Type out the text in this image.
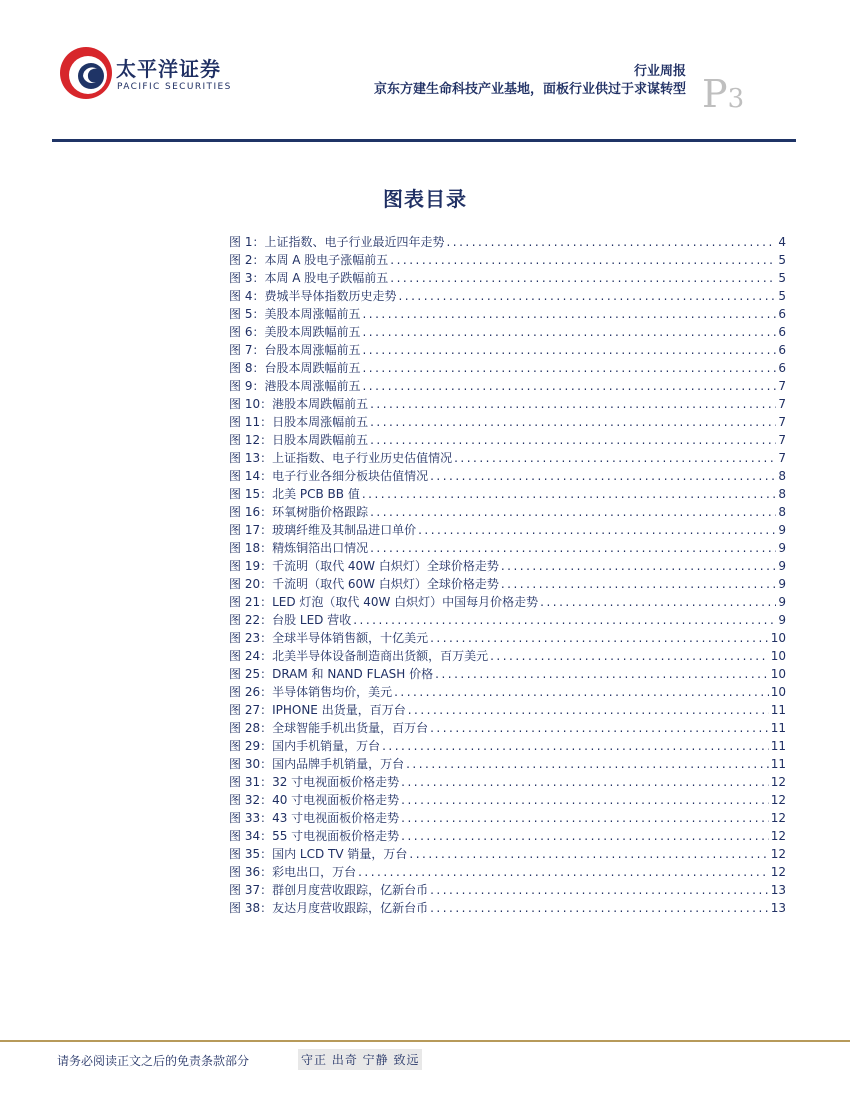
太平洋证券
PACIFIC SECURITIES
行业周报
京东方建生命科技产业基地，面板行业供过于求谋转型 P3
图表目录
图 1：上证指数、电子行业最近四年走势 .....	4
图 2：本周 A 股电子涨幅前五 .....	5
图 3：本周 A 股电子跌幅前五 .....	5
图 4：费城半导体指数历史走势 .....	5
图 5：美股本周涨幅前五 .....	6
图 6：美股本周跌幅前五 .....	6
图 7：台股本周涨幅前五 .....	6
图 8：台股本周跌幅前五 .....	6
图 9：港股本周涨幅前五 .....	7
图 10：港股本周跌幅前五 .....	7
图 11：日股本周涨幅前五 .....	7
图 12：日股本周跌幅前五 .....	7
图 13：上证指数、电子行业历史估值情况 .....	7
图 14：电子行业各细分板块估值情况 .....	8
图 15：北美 PCB BB 值 .....	8
图 16：环氧树脂价格跟踪 .....	8
图 17：玻璃纤维及其制品进口单价 .....	9
图 18：精炼铜箔出口情况 .....	9
图 19：千流明（取代 40W 白炽灯）全球价格走势 .....	9
图 20：千流明（取代 60W 白炽灯）全球价格走势 .....	9
图 21：LED 灯泡（取代 40W 白炽灯）中国每月价格走势 .....	9
图 22：台股 LED 营收 .....	9
图 23：全球半导体销售额，十亿美元 .....	10
图 24：北美半导体设备制造商出货额，百万美元 .....	10
图 25：DRAM 和 NAND FLASH 价格 .....	10
图 26：半导体销售均价，美元 .....	10
图 27：IPHONE 出货量，百万台 .....	11
图 28：全球智能手机出货量，百万台 .....	11
图 29：国内手机销量，万台 .....	11
图 30：国内品牌手机销量，万台 .....	11
图 31：32 寸电视面板价格走势 .....	12
图 32：40 寸电视面板价格走势 .....	12
图 33：43 寸电视面板价格走势 .....	12
图 34：55 寸电视面板价格走势 .....	12
图 35：国内 LCD TV 销量，万台 .....	12
图 36：彩电出口，万台 .....	12
图 37：群创月度营收跟踪，亿新台币 .....	13
图 38：友达月度营收跟踪，亿新台币 .....	13
请务必阅读正文之后的免责条款部分	守正 出奇 宁静 致远
